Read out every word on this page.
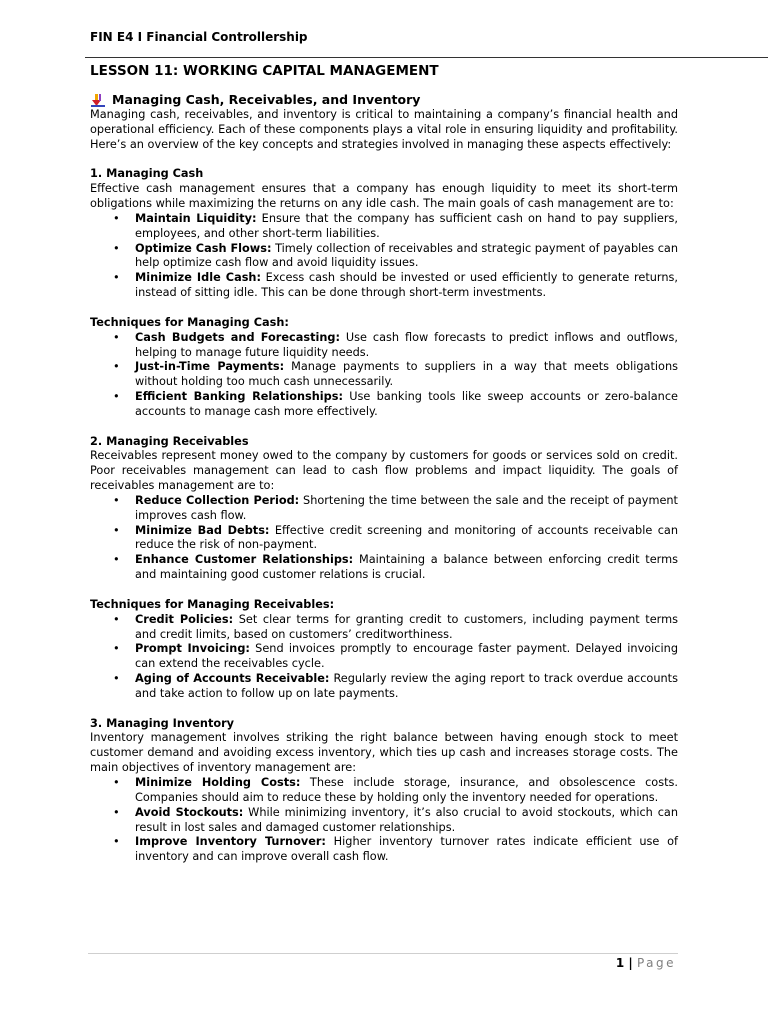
FIN E4 I Financial Controllership
LESSON 11: WORKING CAPITAL MANAGEMENT
Managing Cash, Receivables, and Inventory

Managing cash, receivables, and inventory is critical to maintaining a company’s financial health and operational efficiency. Each of these components plays a vital role in ensuring liquidity and profitability. Here’s an overview of the key concepts and strategies involved in managing these aspects effectively:

1. Managing Cash

Effective cash management ensures that a company has enough liquidity to meet its short-term obligations while maximizing the returns on any idle cash. The main goals of cash management are to:

• Maintain Liquidity: Ensure that the company has sufficient cash on hand to pay suppliers, employees, and other short-term liabilities.
• Optimize Cash Flows: Timely collection of receivables and strategic payment of payables can help optimize cash flow and avoid liquidity issues.
• Minimize Idle Cash: Excess cash should be invested or used efficiently to generate returns, instead of sitting idle. This can be done through short-term investments.

Techniques for Managing Cash:

• Cash Budgets and Forecasting: Use cash flow forecasts to predict inflows and outflows, helping to manage future liquidity needs.
• Just-in-Time Payments: Manage payments to suppliers in a way that meets obligations without holding too much cash unnecessarily.
• Efficient Banking Relationships: Use banking tools like sweep accounts or zero-balance accounts to manage cash more effectively.

2. Managing Receivables

Receivables represent money owed to the company by customers for goods or services sold on credit. Poor receivables management can lead to cash flow problems and impact liquidity. The goals of receivables management are to:

• Reduce Collection Period: Shortening the time between the sale and the receipt of payment improves cash flow.
• Minimize Bad Debts: Effective credit screening and monitoring of accounts receivable can reduce the risk of non-payment.
• Enhance Customer Relationships: Maintaining a balance between enforcing credit terms and maintaining good customer relations is crucial.

Techniques for Managing Receivables:

• Credit Policies: Set clear terms for granting credit to customers, including payment terms and credit limits, based on customers’ creditworthiness.
• Prompt Invoicing: Send invoices promptly to encourage faster payment. Delayed invoicing can extend the receivables cycle.
• Aging of Accounts Receivable: Regularly review the aging report to track overdue accounts and take action to follow up on late payments.

3. Managing Inventory

Inventory management involves striking the right balance between having enough stock to meet customer demand and avoiding excess inventory, which ties up cash and increases storage costs. The main objectives of inventory management are:

• Minimize Holding Costs: These include storage, insurance, and obsolescence costs. Companies should aim to reduce these by holding only the inventory needed for operations.
• Avoid Stockouts: While minimizing inventory, it’s also crucial to avoid stockouts, which can result in lost sales and damaged customer relationships.
• Improve Inventory Turnover: Higher inventory turnover rates indicate efficient use of inventory and can improve overall cash flow.
1 | Page
